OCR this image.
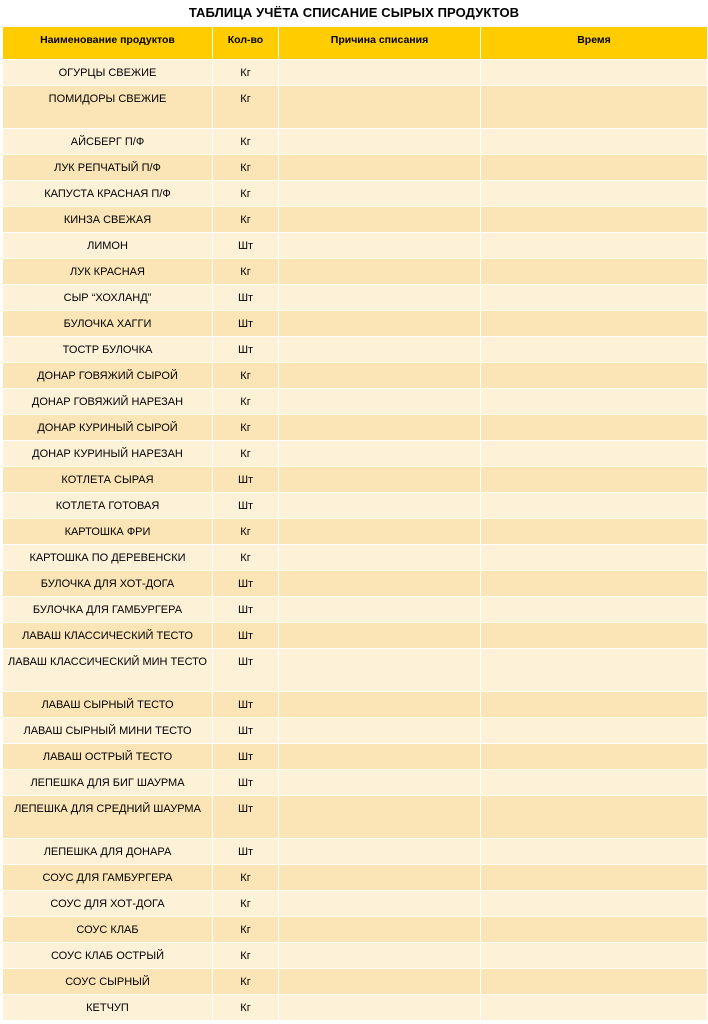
ТАБЛИЦА УЧЁТА СПИСАНИЕ СЫРЫХ ПРОДУКТОВ
Наименование продуктов	Кол-во	Причина списания	Время
ОГУРЦЫ СВЕЖИЕ	Кг		
ПОМИДОРЫ СВЕЖИЕ	Кг		
АЙСБЕРГ П/Ф	Кг		
ЛУК РЕПЧАТЫЙ П/Ф	Кг		
КАПУСТА КРАСНАЯ П/Ф	Кг		
КИНЗА СВЕЖАЯ	Кг		
ЛИМОН	Шт		
ЛУК КРАСНАЯ	Кг		
СЫР “ХОХЛАНД”	Шт		
БУЛОЧКА ХАГГИ	Шт		
ТОСТР БУЛОЧКА	Шт		
ДОНАР ГОВЯЖИЙ СЫРОЙ	Кг		
ДОНАР ГОВЯЖИЙ НАРЕЗАН	Кг		
ДОНАР КУРИНЫЙ СЫРОЙ	Кг		
ДОНАР КУРИНЫЙ НАРЕЗАН	Кг		
КОТЛЕТА СЫРАЯ	Шт		
КОТЛЕТА ГОТОВАЯ	Шт		
КАРТОШКА ФРИ	Кг		
КАРТОШКА ПО ДЕРЕВЕНСКИ	Кг		
БУЛОЧКА ДЛЯ ХОТ-ДОГА	Шт		
БУЛОЧКА ДЛЯ ГАМБУРГЕРА	Шт		
ЛАВАШ КЛАССИЧЕСКИЙ ТЕСТО	Шт		
ЛАВАШ КЛАССИЧЕСКИЙ МИН ТЕСТО	Шт		
ЛАВАШ СЫРНЫЙ ТЕСТО	Шт		
ЛАВАШ СЫРНЫЙ МИНИ ТЕСТО	Шт		
ЛАВАШ ОСТРЫЙ ТЕСТО	Шт		
ЛЕПЕШКА ДЛЯ БИГ ШАУРМА	Шт		
ЛЕПЕШКА ДЛЯ СРЕДНИЙ ШАУРМА	Шт		
ЛЕПЕШКА ДЛЯ ДОНАРА	Шт		
СОУС ДЛЯ ГАМБУРГЕРА	Кг		
СОУС ДЛЯ ХОТ-ДОГА	Кг		
СОУС КЛАБ	Кг		
СОУС КЛАБ ОСТРЫЙ	Кг		
СОУС СЫРНЫЙ	Кг		
КЕТЧУП	Кг		
